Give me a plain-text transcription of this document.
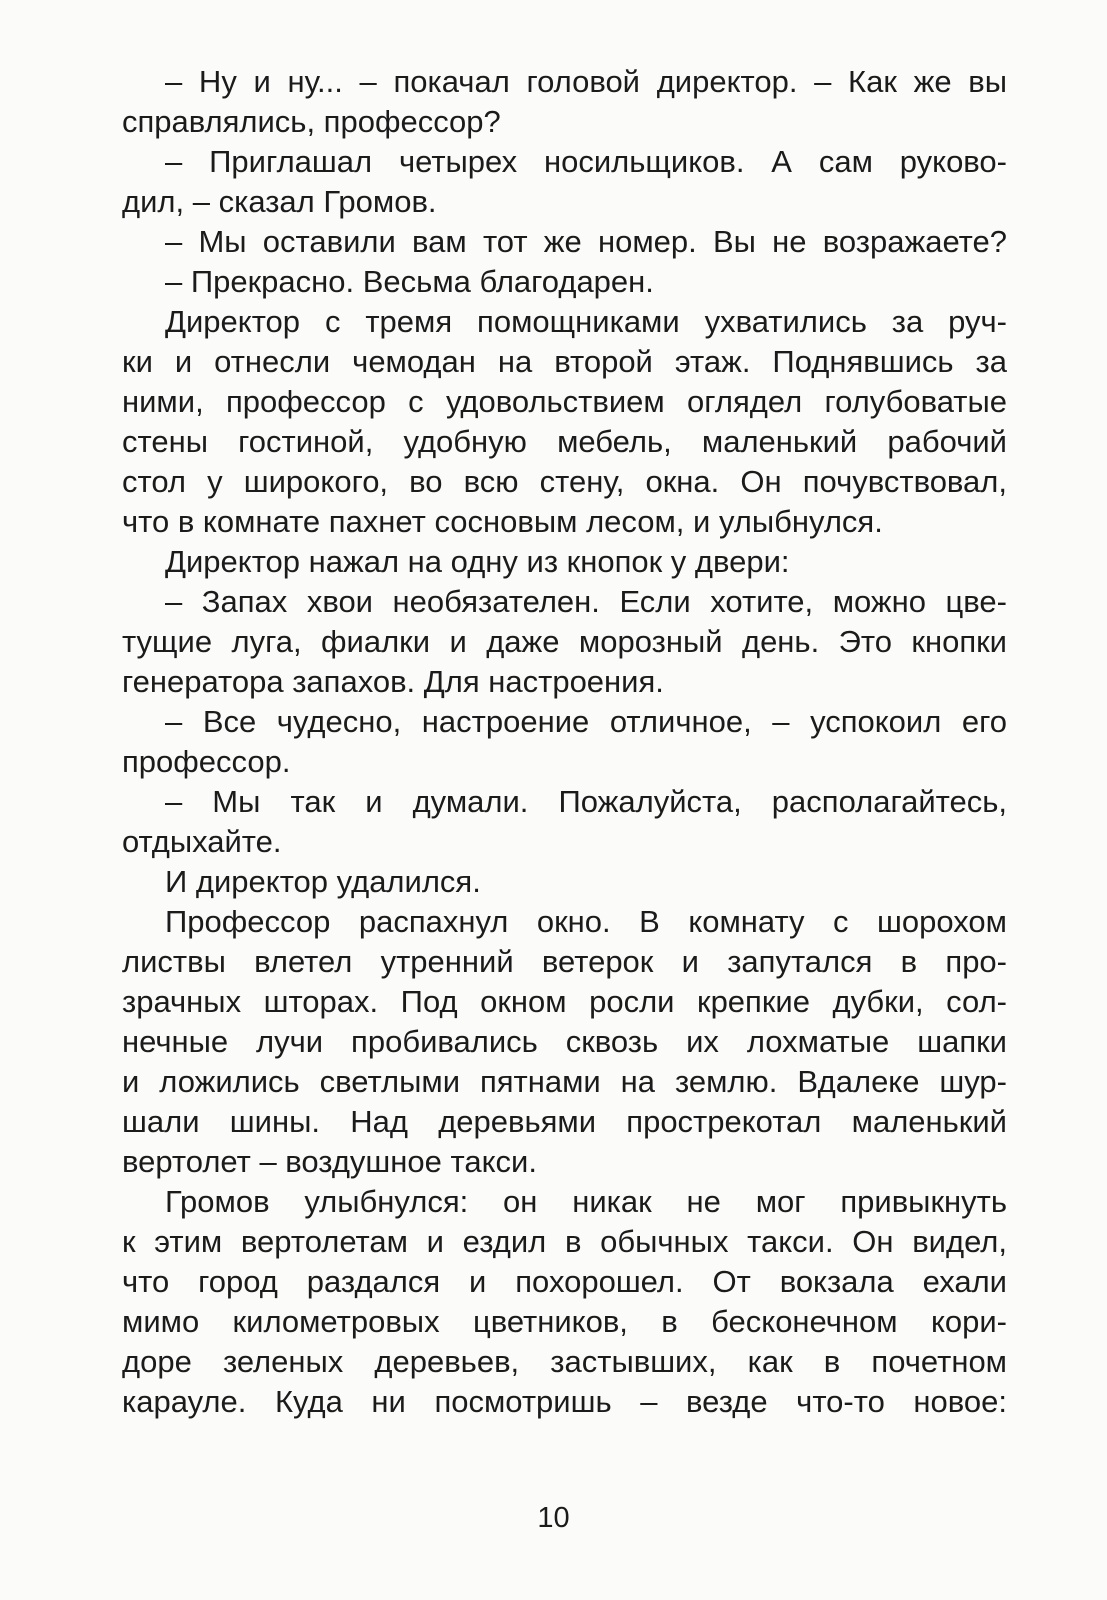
– Ну и ну... – покачал головой директор. – Как же вы
справлялись, профессор?
– Приглашал четырех носильщиков. А сам руково-
дил, – сказал Громов.
– Мы оставили вам тот же номер. Вы не возражаете?
– Прекрасно. Весьма благодарен.
Директор с тремя помощниками ухватились за руч-
ки и отнесли чемодан на второй этаж. Поднявшись за
ними, профессор с удовольствием оглядел голубоватые
стены гостиной, удобную мебель, маленький рабочий
стол у широкого, во всю стену, окна. Он почувствовал,
что в комнате пахнет сосновым лесом, и улыбнулся.
Директор нажал на одну из кнопок у двери:
– Запах хвои необязателен. Если хотите, можно цве-
тущие луга, фиалки и даже морозный день. Это кнопки
генератора запахов. Для настроения.
– Все чудесно, настроение отличное, – успокоил его
профессор.
– Мы так и думали. Пожалуйста, располагайтесь,
отдыхайте.
И директор удалился.
Профессор распахнул окно. В комнату с шорохом
листвы влетел утренний ветерок и запутался в про-
зрачных шторах. Под окном росли крепкие дубки, сол-
нечные лучи пробивались сквозь их лохматые шапки
и ложились светлыми пятнами на землю. Вдалеке шур-
шали шины. Над деревьями прострекотал маленький
вертолет – воздушное такси.
Громов улыбнулся: он никак не мог привыкнуть
к этим вертолетам и ездил в обычных такси. Он видел,
что город раздался и похорошел. От вокзала ехали
мимо километровых цветников, в бесконечном кори-
доре зеленых деревьев, застывших, как в почетном
карауле. Куда ни посмотришь – везде что-то новое:
10
